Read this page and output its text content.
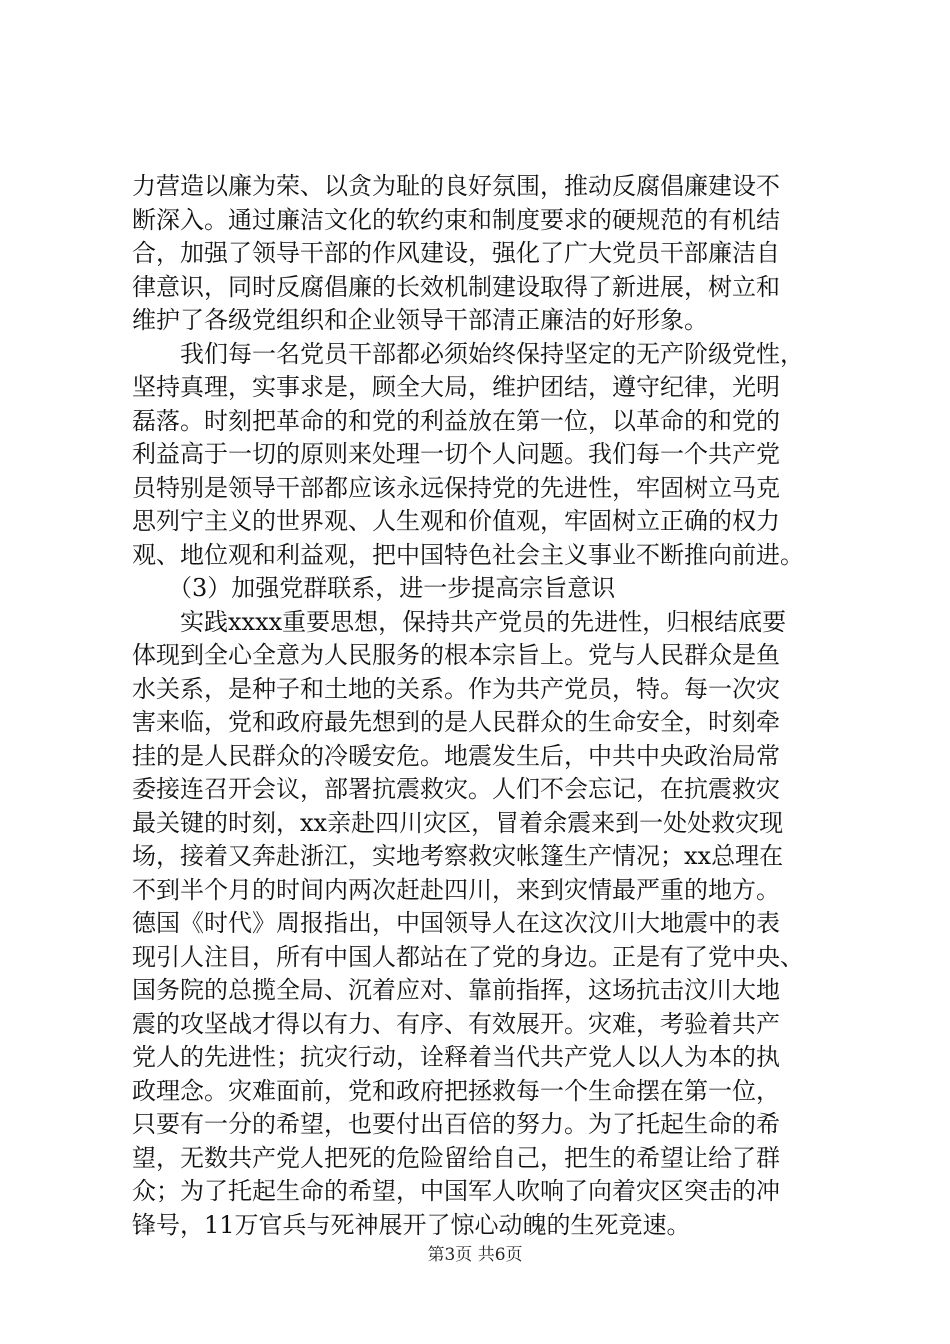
力营造以廉为荣、以贪为耻的良好氛围，推动反腐倡廉建设不
断深入。通过廉洁文化的软约束和制度要求的硬规范的有机结
合，加强了领导干部的作风建设，强化了广大党员干部廉洁自
律意识，同时反腐倡廉的长效机制建设取得了新进展，树立和
维护了各级党组织和企业领导干部清正廉洁的好形象。
　　我们每一名党员干部都必须始终保持坚定的无产阶级党性，
坚持真理，实事求是，顾全大局，维护团结，遵守纪律，光明
磊落。时刻把革命的和党的利益放在第一位，以革命的和党的
利益高于一切的原则来处理一切个人问题。我们每一个共产党
员特别是领导干部都应该永远保持党的先进性，牢固树立马克
思列宁主义的世界观、人生观和价值观，牢固树立正确的权力
观、地位观和利益观，把中国特色社会主义事业不断推向前进。
　　（3）加强党群联系，进一步提高宗旨意识
　　实践xxxx重要思想，保持共产党员的先进性，归根结底要
体现到全心全意为人民服务的根本宗旨上。党与人民群众是鱼
水关系，是种子和土地的关系。作为共产党员，特。每一次灾
害来临，党和政府最先想到的是人民群众的生命安全，时刻牵
挂的是人民群众的冷暖安危。地震发生后，中共中央政治局常
委接连召开会议，部署抗震救灾。人们不会忘记，在抗震救灾
最关键的时刻，xx亲赴四川灾区，冒着余震来到一处处救灾现
场，接着又奔赴浙江，实地考察救灾帐篷生产情况；xx总理在
不到半个月的时间内两次赶赴四川，来到灾情最严重的地方。
德国《时代》周报指出，中国领导人在这次汶川大地震中的表
现引人注目，所有中国人都站在了党的身边。正是有了党中央、
国务院的总揽全局、沉着应对、靠前指挥，这场抗击汶川大地
震的攻坚战才得以有力、有序、有效展开。灾难，考验着共产
党人的先进性；抗灾行动，诠释着当代共产党人以人为本的执
政理念。灾难面前，党和政府把拯救每一个生命摆在第一位，
只要有一分的希望，也要付出百倍的努力。为了托起生命的希
望，无数共产党人把死的危险留给自己，把生的希望让给了群
众；为了托起生命的希望，中国军人吹响了向着灾区突击的冲
锋号，11万官兵与死神展开了惊心动魄的生死竞速。
第3页 共6页
